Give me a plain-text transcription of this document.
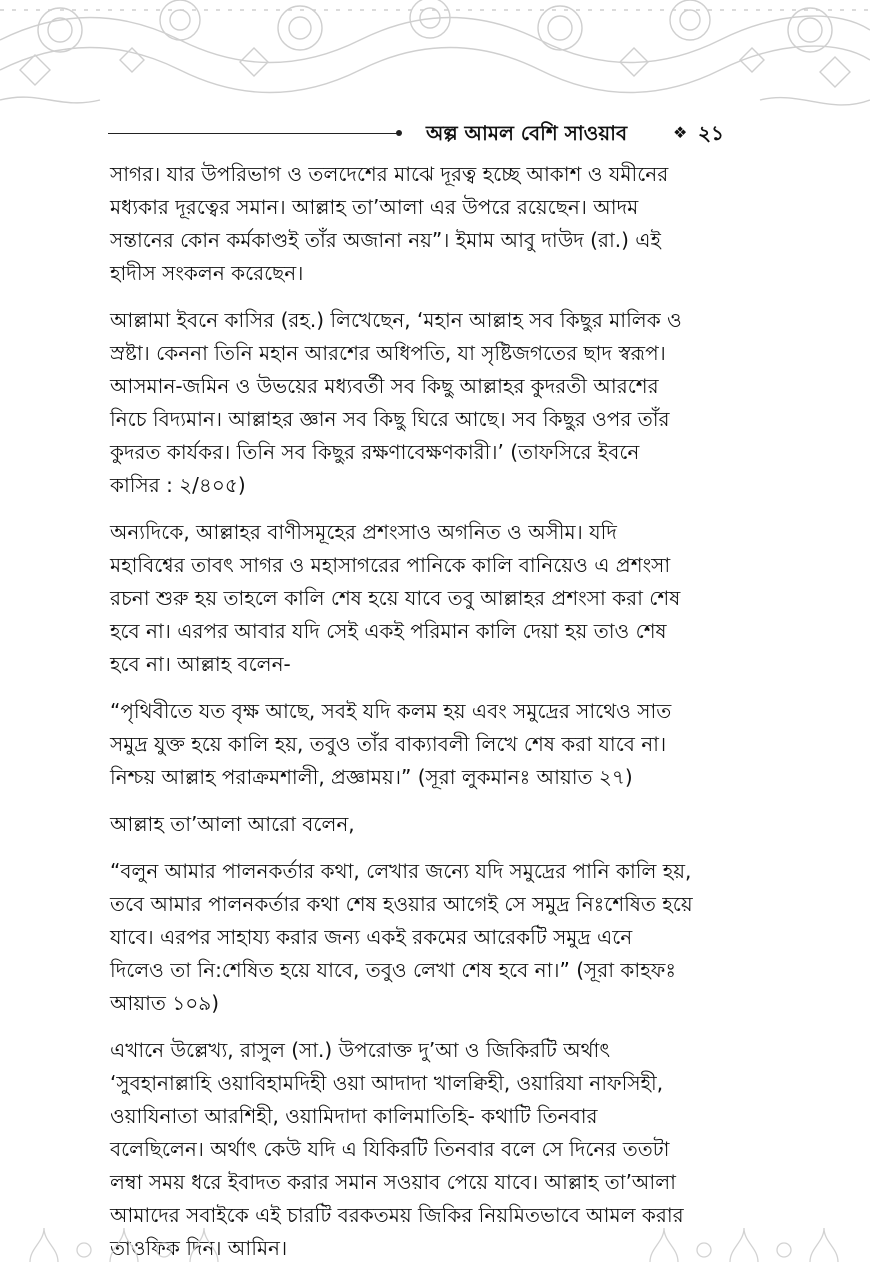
অল্প আমল বেশি সাওয়াব	❖ ২১

সাগর। যার উপরিভাগ ও তলদেশের মাঝে দূরত্ব হচ্ছে আকাশ ও যমীনের
মধ্যকার দূরত্বের সমান। আল্লাহ তা’আলা এর উপরে রয়েছেন। আদম
সন্তানের কোন কর্মকাণ্ডই তাঁর অজানা নয়”। ইমাম আবু দাউদ (রা.) এই
হাদীস সংকলন করেছেন।

আল্লামা ইবনে কাসির (রহ.) লিখেছেন, ‘মহান আল্লাহ সব কিছুর মালিক ও
স্রষ্টা। কেননা তিনি মহান আরশের অধিপতি, যা সৃষ্টিজগতের ছাদ স্বরূপ।
আসমান-জমিন ও উভয়ের মধ্যবর্তী সব কিছু আল্লাহর কুদরতী আরশের
নিচে বিদ্যমান। আল্লাহর জ্ঞান সব কিছু ঘিরে আছে। সব কিছুর ওপর তাঁর
কুদরত কার্যকর। তিনি সব কিছুর রক্ষণাবেক্ষণকারী।’ (তাফসিরে ইবনে
কাসির : ২/৪০৫)

অন্যদিকে, আল্লাহর বাণীসমূহের প্রশংসাও অগনিত ও অসীম। যদি
মহাবিশ্বের তাবৎ সাগর ও মহাসাগরের পানিকে কালি বানিয়েও এ প্রশংসা
রচনা শুরু হয় তাহলে কালি শেষ হয়ে যাবে তবু আল্লাহর প্রশংসা করা শেষ
হবে না। এরপর আবার যদি সেই একই পরিমান কালি দেয়া হয় তাও শেষ
হবে না। আল্লাহ বলেন-

“পৃথিবীতে যত বৃক্ষ আছে, সবই যদি কলম হয় এবং সমুদ্রের সাথেও সাত
সমুদ্র যুক্ত হয়ে কালি হয়, তবুও তাঁর বাক্যাবলী লিখে শেষ করা যাবে না।
নিশ্চয় আল্লাহ পরাক্রমশালী, প্রজ্ঞাময়।” (সূরা লুকমানঃ আয়াত ২৭)

আল্লাহ তা’আলা আরো বলেন,

“বলুন আমার পালনকর্তার কথা, লেখার জন্যে যদি সমুদ্রের পানি কালি হয়,
তবে আমার পালনকর্তার কথা শেষ হওয়ার আগেই সে সমুদ্র নিঃশেষিত হয়ে
যাবে। এরপর সাহায্য করার জন্য একই রকমের আরেকটি সমুদ্র এনে
দিলেও তা নি:শেষিত হয়ে যাবে, তবুও লেখা শেষ হবে না।” (সূরা কাহফঃ
আয়াত ১০৯)

এখানে উল্লেখ্য, রাসুল (সা.) উপরোক্ত দু’আ ও জিকিরটি অর্থাৎ
‘সুবহানাল্লাহি ওয়াবিহামদিহী ওয়া আদাদা খালক্বিহী, ওয়ারিযা নাফসিহী,
ওয়াযিনাতা আরশিহী, ওয়ামিদাদা কালিমাতিহি- কথাটি তিনবার
বলেছিলেন। অর্থাৎ কেউ যদি এ যিকিরটি তিনবার বলে সে দিনের ততটা
লম্বা সময় ধরে ইবাদত করার সমান সওয়াব পেয়ে যাবে। আল্লাহ তা’আলা
আমাদের সবাইকে এই চারটি বরকতময় জিকির নিয়মিতভাবে আমল করার
তাওফিক দিন। আমিন।
